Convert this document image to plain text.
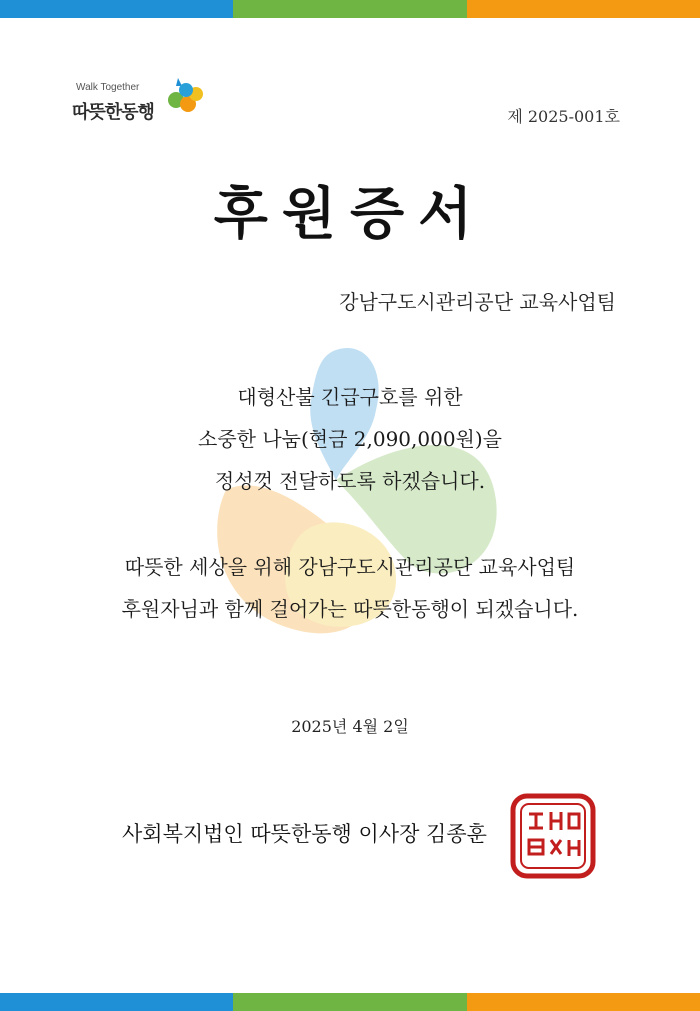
Walk Together
따뜻한동행	제 2025-001호
후원증서
강남구도시관리공단 교육사업팀
대형산불 긴급구호를 위한
소중한 나눔(현금 2,090,000원)을
정성껏 전달하도록 하겠습니다.
따뜻한 세상을 위해 강남구도시관리공단 교육사업팀
후원자님과 함께 걸어가는 따뜻한동행이 되겠습니다.
2025년 4월 2일
사회복지법인 따뜻한동행 이사장 김종훈
